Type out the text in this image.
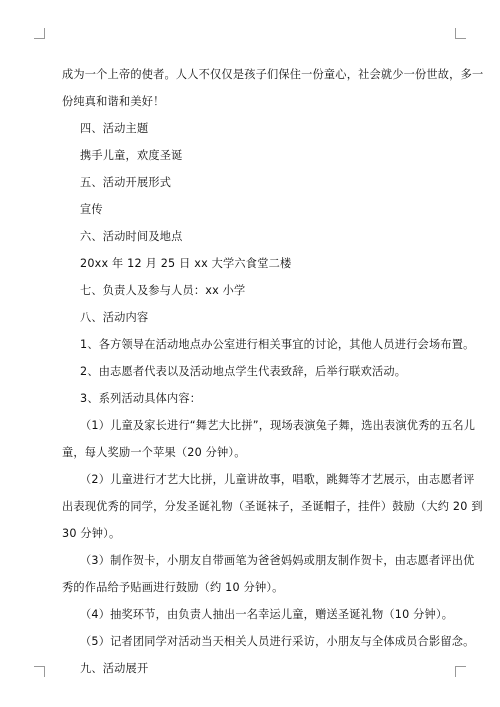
成为一个上帝的使者。人人不仅仅是孩子们保住一份童心，社会就少一份世故，多一
份纯真和谐和美好！
四、活动主题
携手儿童，欢度圣诞
五、活动开展形式
宣传
六、活动时间及地点
20xx 年 12 月 25 日 xx 大学六食堂二楼
七、负责人及参与人员：xx 小学
八、活动内容
1、各方领导在活动地点办公室进行相关事宜的讨论，其他人员进行会场布置。
2、由志愿者代表以及活动地点学生代表致辞，后举行联欢活动。
3、系列活动具体内容：
（1）儿童及家长进行“舞艺大比拼”，现场表演兔子舞，选出表演优秀的五名儿
童，每人奖励一个苹果（20 分钟）。
（2）儿童进行才艺大比拼，儿童讲故事，唱歌，跳舞等才艺展示，由志愿者评
出表现优秀的同学，分发圣诞礼物（圣诞袜子，圣诞帽子，挂件）鼓励（大约 20 到
30 分钟）。
（3）制作贺卡，小朋友自带画笔为爸爸妈妈或朋友制作贺卡，由志愿者评出优
秀的作品给予贴画进行鼓励（约 10 分钟）。
（4）抽奖环节，由负责人抽出一名幸运儿童，赠送圣诞礼物（10 分钟）。
（5）记者团同学对活动当天相关人员进行采访，小朋友与全体成员合影留念。
九、活动展开
